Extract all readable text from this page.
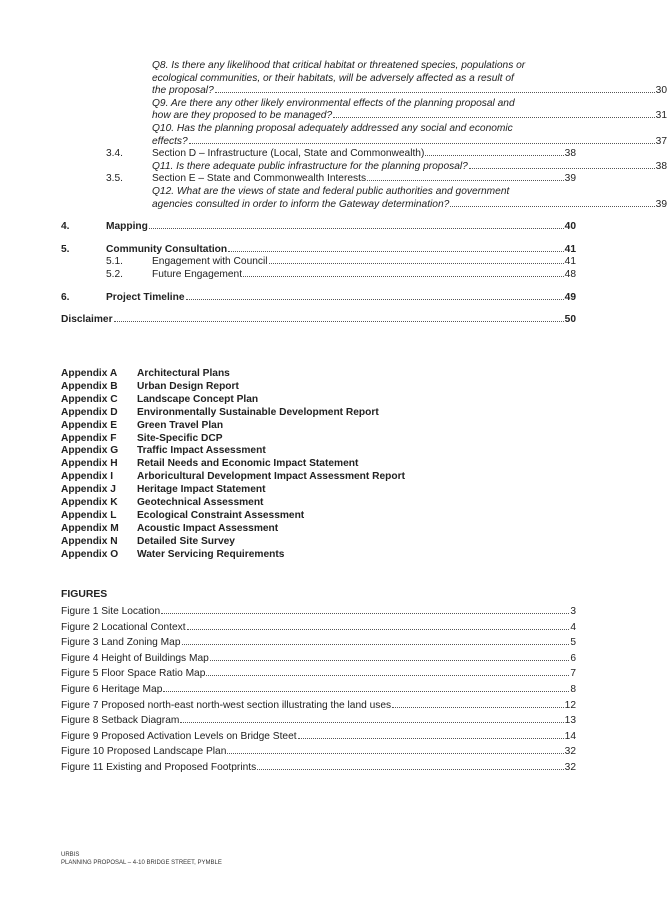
Q8. Is there any likelihood that critical habitat or threatened species, populations or
ecological communities, or their habitats, will be adversely affected as a result of
the proposal?	30
Q9. Are there any other likely environmental effects of the planning proposal and
how are they proposed to be managed?	31
Q10. Has the planning proposal adequately addressed any social and economic
effects?	37
3.4.	Section D – Infrastructure (Local, State and Commonwealth)	38
Q11. Is there adequate public infrastructure for the planning proposal?	38
3.5.	Section E – State and Commonwealth Interests	39
Q12. What are the views of state and federal public authorities and government
agencies consulted in order to inform the Gateway determination?	39
4.	Mapping	40
5.	Community Consultation	41
5.1.	Engagement with Council	41
5.2.	Future Engagement	48
6.	Project Timeline	49
Disclaimer	50
Appendix A	Architectural Plans
Appendix B	Urban Design Report
Appendix C	Landscape Concept Plan
Appendix D	Environmentally Sustainable Development Report
Appendix E	Green Travel Plan
Appendix F	Site-Specific DCP
Appendix G	Traffic Impact Assessment
Appendix H	Retail Needs and Economic Impact Statement
Appendix I	Arboricultural Development Impact Assessment Report
Appendix J	Heritage Impact Statement
Appendix K	Geotechnical Assessment
Appendix L	Ecological Constraint Assessment
Appendix M	Acoustic Impact Assessment
Appendix N	Detailed Site Survey
Appendix O	Water Servicing Requirements
FIGURES
Figure 1 Site Location	3
Figure 2 Locational Context	4
Figure 3 Land Zoning Map	5
Figure 4 Height of Buildings Map	6
Figure 5 Floor Space Ratio Map	7
Figure 6 Heritage Map	8
Figure 7 Proposed north-east north-west section illustrating the land uses	12
Figure 8 Setback Diagram	13
Figure 9 Proposed Activation Levels on Bridge Steet	14
Figure 10 Proposed Landscape Plan	32
Figure 11 Existing and Proposed Footprints	32
URBIS
PLANNING PROPOSAL – 4-10 BRIDGE STREET, PYMBLE
